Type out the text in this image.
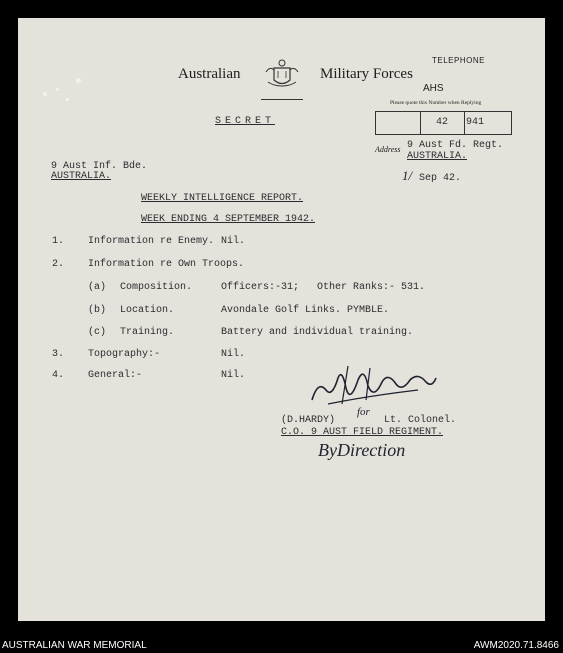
Australian	Military Forces
TELEPHONE
AHS
Please quote this Number when Replying
42 941
SECRET
Address 9 Aust Fd. Regt.
AUSTRALIA.
1/ Sep 42.
9 Aust Inf. Bde.
AUSTRALIA.
WEEKLY INTELLIGENCE REPORT.
WEEK ENDING 4 SEPTEMBER 1942.
1. Information re Enemy. Nil.
2. Information re Own Troops.
(a) Composition.	Officers:-31;   Other Ranks:- 531.
(b) Location.	Avondale Golf Links. PYMBLE.
(c) Training.	Battery and individual training.
3. Topography:-	Nil.
4. General:-	Nil.
(D.HARDY)
for
Lt. Colonel.
C.O. 9 AUST FIELD REGIMENT.
ByDirection
AUSTRALIAN WAR MEMORIAL	AWM2020.71.8466
